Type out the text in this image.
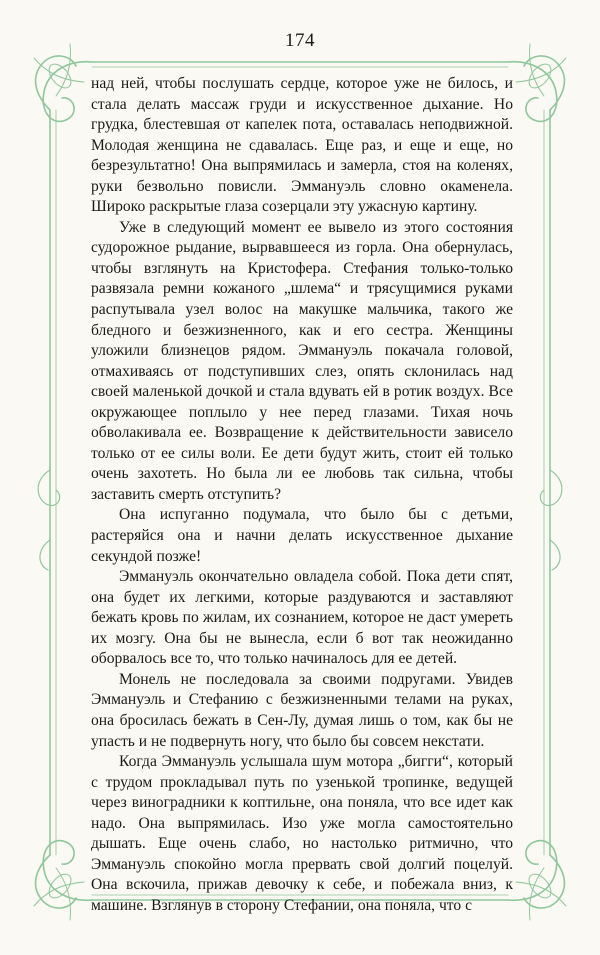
174

над ней, чтобы послушать сердце, которое уже не билось, и стала делать массаж груди и искусственное дыхание. Но грудка, блестевшая от капелек пота, оставалась неподвижной. Молодая женщина не сдавалась. Еще раз, и еще и еще, но безрезультатно! Она выпрямилась и замерла, стоя на коленях, руки безвольно повисли. Эммануэль словно окаменела. Широко раскрытые глаза созерцали эту ужасную картину.

Уже в следующий момент ее вывело из этого состояния судорожное рыдание, вырвавшееся из горла. Она обернулась, чтобы взглянуть на Кристофера. Стефания только-только развязала ремни кожаного „шлема“ и трясущимися руками распутывала узел волос на макушке мальчика, такого же бледного и безжизненного, как и его сестра. Женщины уложили близнецов рядом. Эммануэль покачала головой, отмахиваясь от подступивших слез, опять склонилась над своей маленькой дочкой и стала вдувать ей в ротик воздух. Все окружающее поплыло у нее перед глазами. Тихая ночь обволакивала ее. Возвращение к действительности зависело только от ее силы воли. Ее дети будут жить, стоит ей только очень захотеть. Но была ли ее любовь так сильна, чтобы заставить смерть отступить?

Она испуганно подумала, что было бы с детьми, растеряйся она и начни делать искусственное дыхание секундой позже!

Эммануэль окончательно овладела собой. Пока дети спят, она будет их легкими, которые раздуваются и заставляют бежать кровь по жилам, их сознанием, которое не даст умереть их мозгу. Она бы не вынесла, если б вот так неожиданно оборвалось все то, что только начиналось для ее детей.

Монель не последовала за своими подругами. Увидев Эммануэль и Стефанию с безжизненными телами на руках, она бросилась бежать в Сен-Лу, думая лишь о том, как бы не упасть и не подвернуть ногу, что было бы совсем некстати.

Когда Эммануэль услышала шум мотора „бигги“, который с трудом прокладывал путь по узенькой тропинке, ведущей через виноградники к коптильне, она поняла, что все идет как надо. Она выпрямилась. Изо уже могла самостоятельно дышать. Еще очень слабо, но настолько ритмично, что Эммануэль спокойно могла прервать свой долгий поцелуй. Она вскочила, прижав девочку к себе, и побежала вниз, к машине. Взглянув в сторону Стефании, она поняла, что с
